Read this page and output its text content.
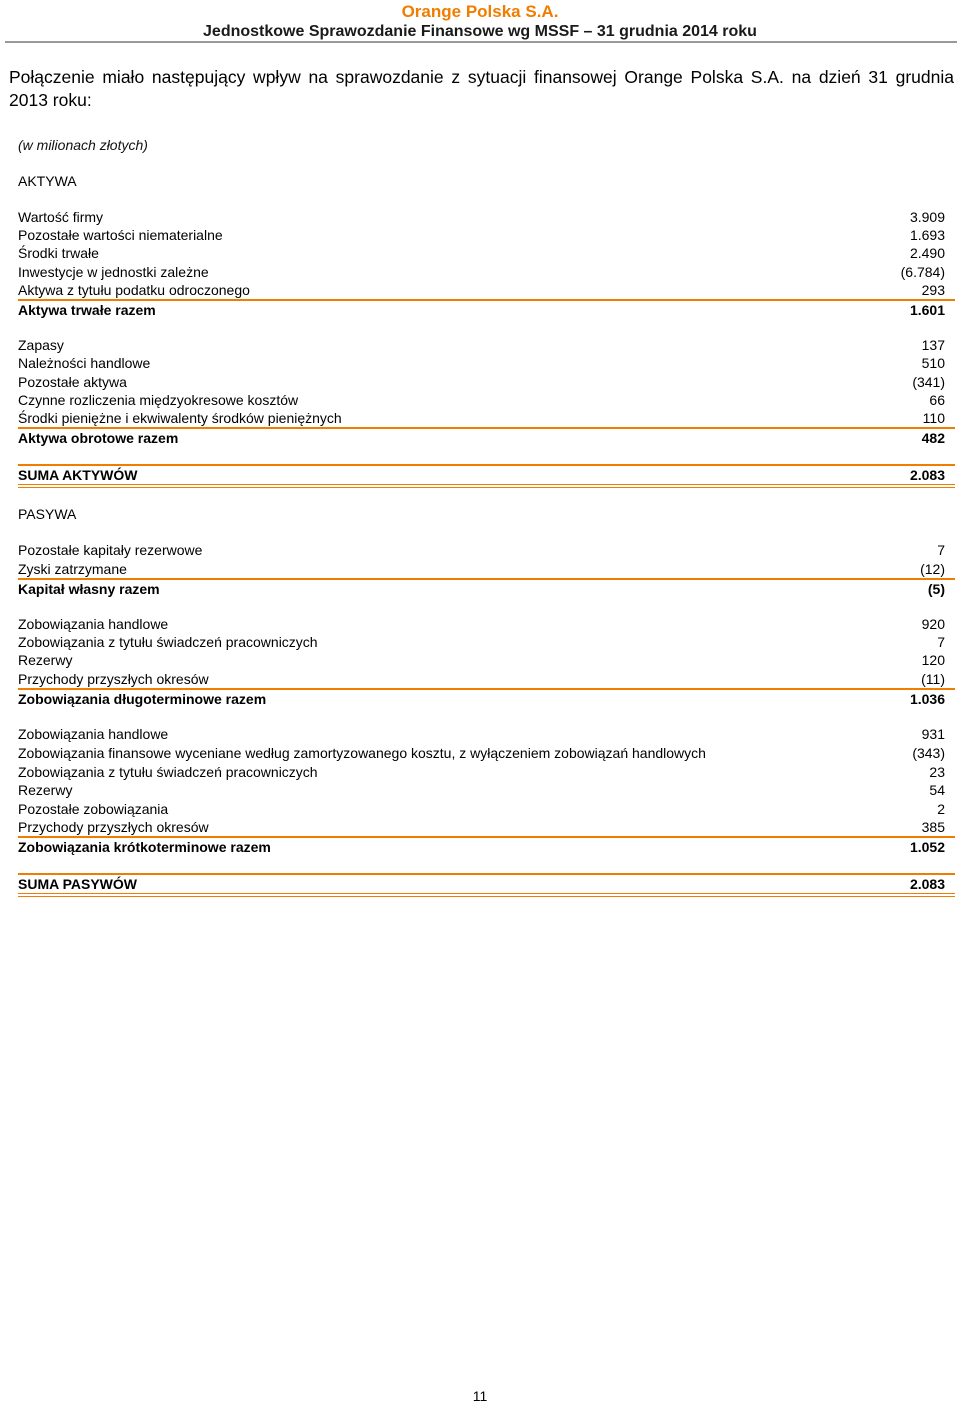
Orange Polska S.A.
Jednostkowe Sprawozdanie Finansowe wg MSSF – 31 grudnia 2014 roku
Połączenie miało następujący wpływ na sprawozdanie z sytuacji finansowej Orange Polska S.A. na dzień 31 grudnia 2013 roku:
(w milionach złotych)
AKTYWA
Wartość firmy	3.909
Pozostałe wartości niematerialne	1.693
Środki trwałe	2.490
Inwestycje w jednostki zależne	(6.784)
Aktywa z tytułu podatku odroczonego	293
Aktywa trwałe razem	1.601
Zapasy	137
Należności handlowe	510
Pozostałe aktywa	(341)
Czynne rozliczenia międzyokresowe kosztów	66
Środki pieniężne i ekwiwalenty środków pieniężnych	110
Aktywa obrotowe razem	482
SUMA AKTYWÓW	2.083
PASYWA
Pozostałe kapitały rezerwowe	7
Zyski zatrzymane	(12)
Kapitał własny razem	(5)
Zobowiązania handlowe	920
Zobowiązania z tytułu świadczeń pracowniczych	7
Rezerwy	120
Przychody przyszłych okresów	(11)
Zobowiązania długoterminowe razem	1.036
Zobowiązania handlowe	931
Zobowiązania finansowe wyceniane według zamortyzowanego kosztu, z wyłączeniem zobowiązań handlowych	(343)
Zobowiązania z tytułu świadczeń pracowniczych	23
Rezerwy	54
Pozostałe zobowiązania	2
Przychody przyszłych okresów	385
Zobowiązania krótkoterminowe razem	1.052
SUMA PASYWÓW	2.083
11
